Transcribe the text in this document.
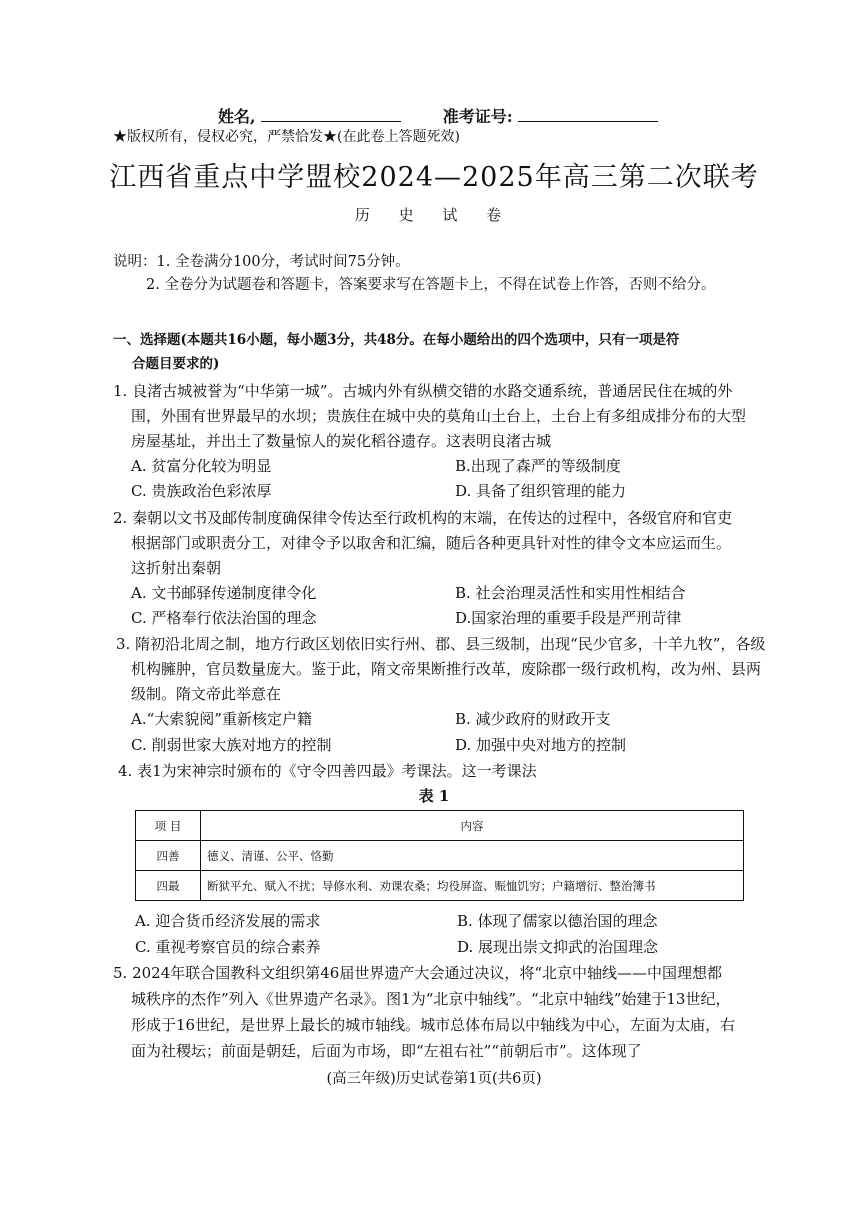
姓名,	准考证号:
★版权所有，侵权必究，严禁恰发★(在此卷上答题死效)
江西省重点中学盟校2024—2025年高三第二次联考
历 史 试 卷
说明：1. 全卷满分100分，考试时间75分钟。
2. 全卷分为试题卷和答题卡，答案要求写在答题卡上，不得在试卷上作答，否则不给分。
一、选择题(本题共16小题，每小题3分，共48分。在每小题给出的四个选项中，只有一项是符
合题目要求的)
1. 良渚古城被誉为“中华第一城”。古城内外有纵横交错的水路交通系统，普通居民住在城的外
围，外围有世界最早的水坝；贵族住在城中央的莫角山土台上，土台上有多组成排分布的大型
房屋基址，并出土了数量惊人的炭化稻谷遗存。这表明良渚古城
A. 贫富分化较为明显	B.出现了森严的等级制度
C. 贵族政治色彩浓厚	D. 具备了组织管理的能力
2. 秦朝以文书及邮传制度确保律令传达至行政机构的末端，在传达的过程中，各级官府和官吏
根据部门或职责分工，对律令予以取舍和汇编，随后各种更具针对性的律令文本应运而生。
这折射出秦朝
A. 文书邮驿传递制度律令化	B. 社会治理灵活性和实用性相结合
C. 严格奉行依法治国的理念	D.国家治理的重要手段是严刑苛律
3. 隋初沿北周之制，地方行政区划依旧实行州、郡、县三级制，出现“民少官多，十羊九牧”，各级
机构臃肿，官员数量庞大。鉴于此，隋文帝果断推行改革，废除郡一级行政机构，改为州、县两
级制。隋文帝此举意在
A.“大索貌阅”重新核定户籍	B. 减少政府的财政开支
C. 削弱世家大族对地方的控制	D. 加强中央对地方的控制
4. 表1为宋神宗时颁布的《守令四善四最》考课法。这一考课法
表 1
项 目	内容
四善	德义、清谨、公平、恪勤
四最	断狱平允、赋入不扰；导修水利、劝课农桑；均役屏盗、赈恤饥穷；户籍增衍、整治簿书
A. 迎合货币经济发展的需求	B. 体现了儒家以德治国的理念
C. 重视考察官员的综合素养	D. 展现出崇文抑武的治国理念
5. 2024年联合国教科文组织第46届世界遗产大会通过决议，将“北京中轴线——中国理想都
城秩序的杰作”列入《世界遗产名录》。图1为“北京中轴线”。“北京中轴线”始建于13世纪，
形成于16世纪，是世界上最长的城市轴线。城市总体布局以中轴线为中心，左面为太庙，右
面为社稷坛；前面是朝廷，后面为市场，即“左祖右社”“前朝后市”。这体现了
(高三年级)历史试卷第1页(共6页)
